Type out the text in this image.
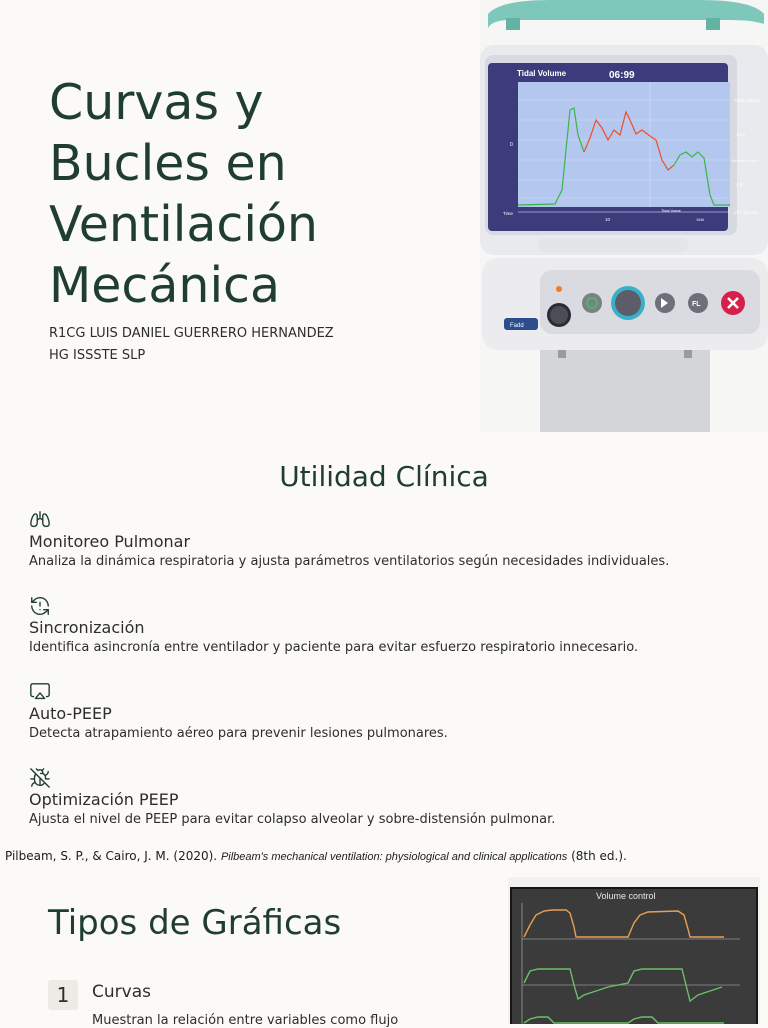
Curvas y
Bucles en
Ventilación
Mecánica
R1CG LUIS DANIEL GUERRERO HERNANDEZ
HG ISSSTE SLP
Tidal Volume	06:99
Tidal Volume
10.0
Ventilator cycle
1.5
LTV 16 mes
0
Time
10
Tidal Vome
194t
Fadd
FL
Utilidad Clínica
Monitoreo Pulmonar
Analiza la dinámica respiratoria y ajusta parámetros ventilatorios según necesidades individuales.
Sincronización
Identifica asincronía entre ventilador y paciente para evitar esfuerzo respiratorio innecesario.
Auto-PEEP
Detecta atrapamiento aéreo para prevenir lesiones pulmonares.
Optimización PEEP
Ajusta el nivel de PEEP para evitar colapso alveolar y sobre-distensión pulmonar.
Pilbeam, S. P., & Cairo, J. M. (2020). Pilbeam's mechanical ventilation: physiological and clinical applications (8th ed.).
Tipos de Gráficas
1	Curvas
Muestran la relación entre variables como flujo
Volume control
